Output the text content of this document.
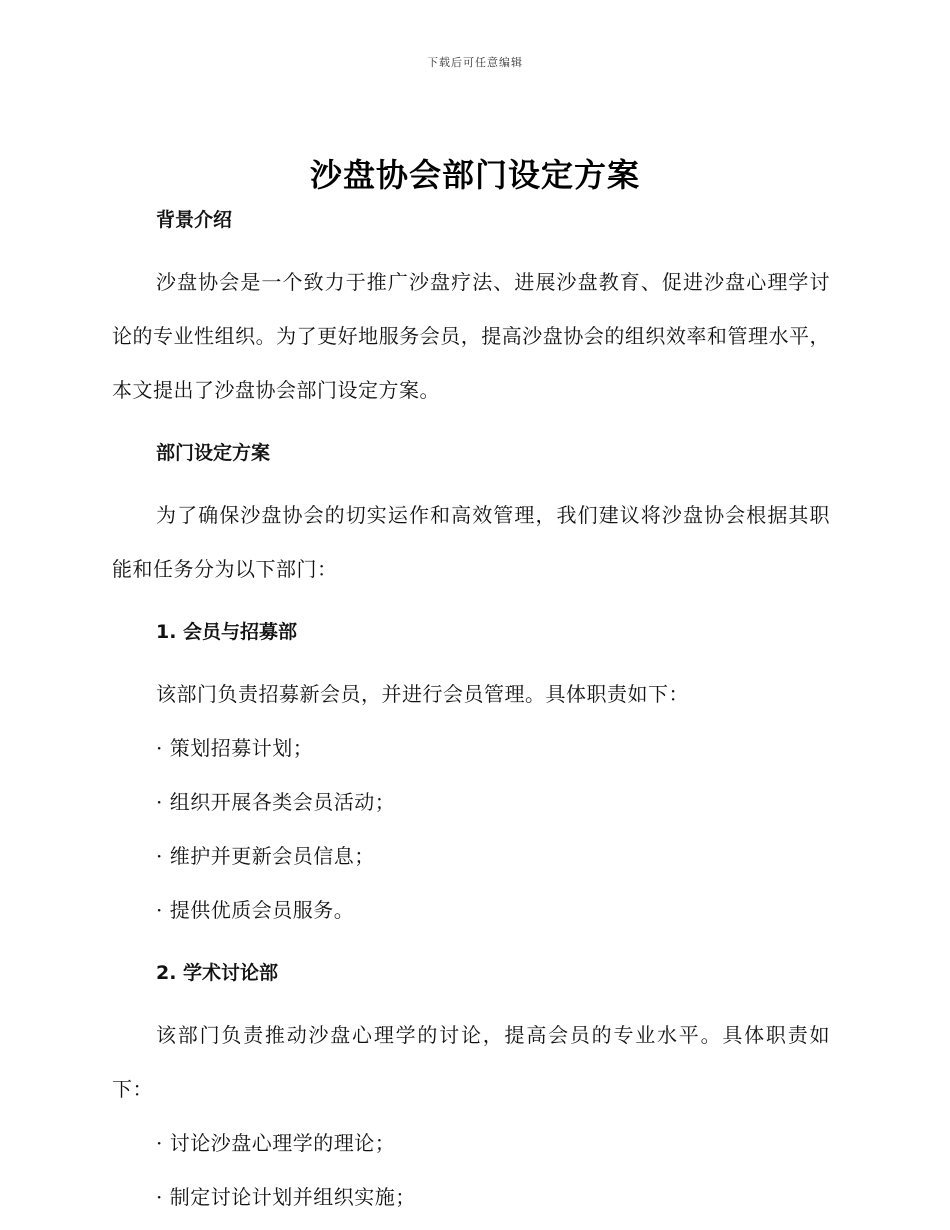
下载后可任意编辑
沙盘协会部门设定方案
背景介绍

沙盘协会是一个致力于推广沙盘疗法、进展沙盘教育、促进沙盘心理学讨论的专业性组织。为了更好地服务会员，提高沙盘协会的组织效率和管理水平，本文提出了沙盘协会部门设定方案。

部门设定方案

为了确保沙盘协会的切实运作和高效管理，我们建议将沙盘协会根据其职能和任务分为以下部门：

1. 会员与招募部

该部门负责招募新会员，并进行会员管理。具体职责如下：

· 策划招募计划；
· 组织开展各类会员活动；
· 维护并更新会员信息；
· 提供优质会员服务。
2. 学术讨论部

该部门负责推动沙盘心理学的讨论，提高会员的专业水平。具体职责如下：

· 讨论沙盘心理学的理论；
· 制定讨论计划并组织实施；
